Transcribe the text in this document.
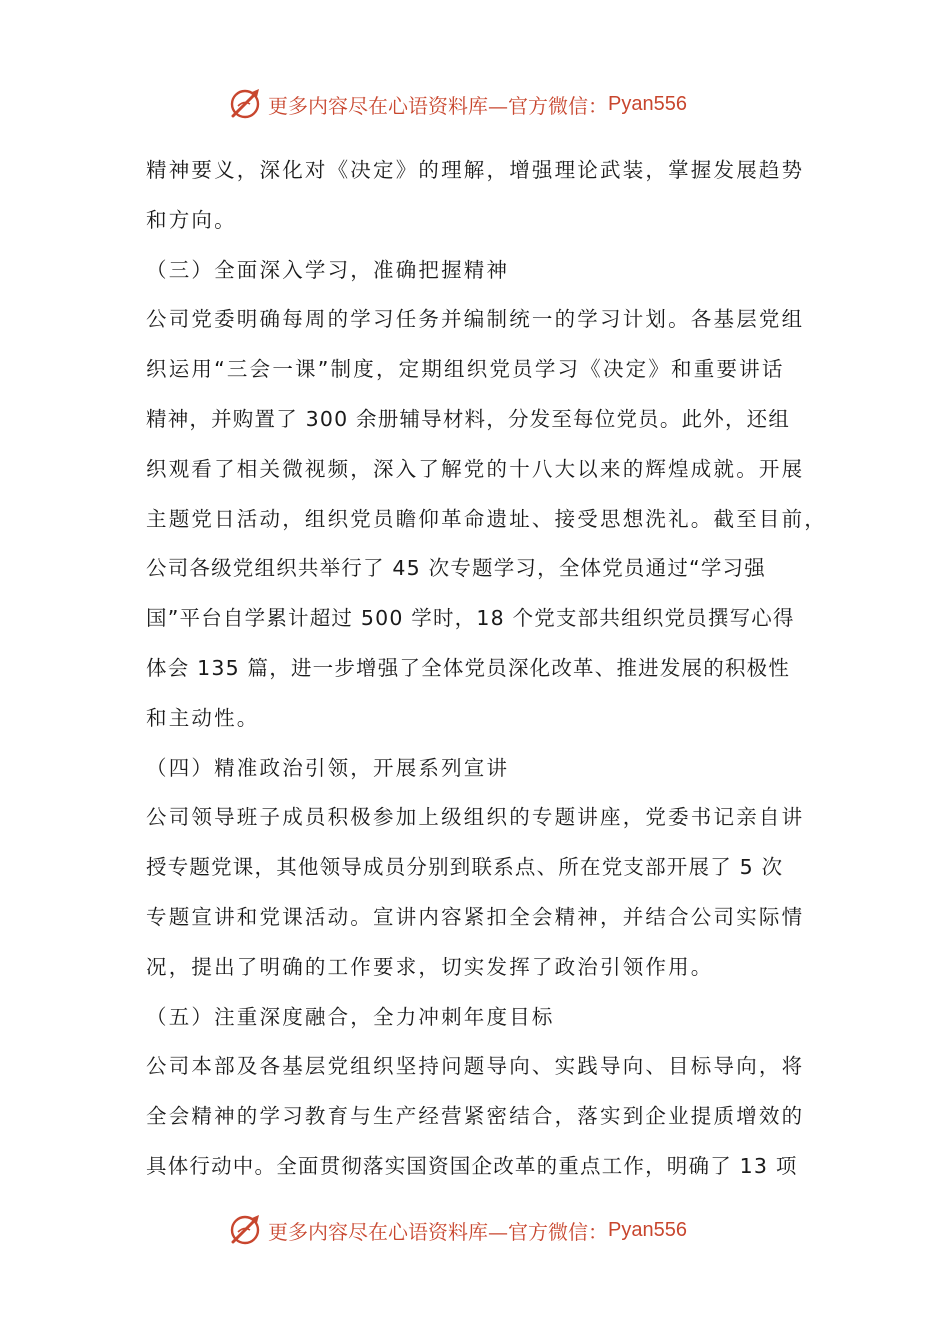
更多内容尽在心语资料库—官方微信： Pyan556
精神要义，深化对《决定》的理解，增强理论武装，掌握发展趋势
和方向。
（三）全面深入学习，准确把握精神
公司党委明确每周的学习任务并编制统一的学习计划。各基层党组
织运用“三会一课”制度，定期组织党员学习《决定》和重要讲话
精神，并购置了 300 余册辅导材料，分发至每位党员。此外，还组
织观看了相关微视频，深入了解党的十八大以来的辉煌成就。开展
主题党日活动，组织党员瞻仰革命遗址、接受思想洗礼。截至目前，
公司各级党组织共举行了 45 次专题学习，全体党员通过“学习强
国”平台自学累计超过 500 学时，18 个党支部共组织党员撰写心得
体会 135 篇，进一步增强了全体党员深化改革、推进发展的积极性
和主动性。
（四）精准政治引领，开展系列宣讲
公司领导班子成员积极参加上级组织的专题讲座，党委书记亲自讲
授专题党课，其他领导成员分别到联系点、所在党支部开展了 5 次
专题宣讲和党课活动。宣讲内容紧扣全会精神，并结合公司实际情
况，提出了明确的工作要求，切实发挥了政治引领作用。
（五）注重深度融合，全力冲刺年度目标
公司本部及各基层党组织坚持问题导向、实践导向、目标导向，将
全会精神的学习教育与生产经营紧密结合，落实到企业提质增效的
具体行动中。全面贯彻落实国资国企改革的重点工作，明确了 13 项
更多内容尽在心语资料库—官方微信： Pyan556
